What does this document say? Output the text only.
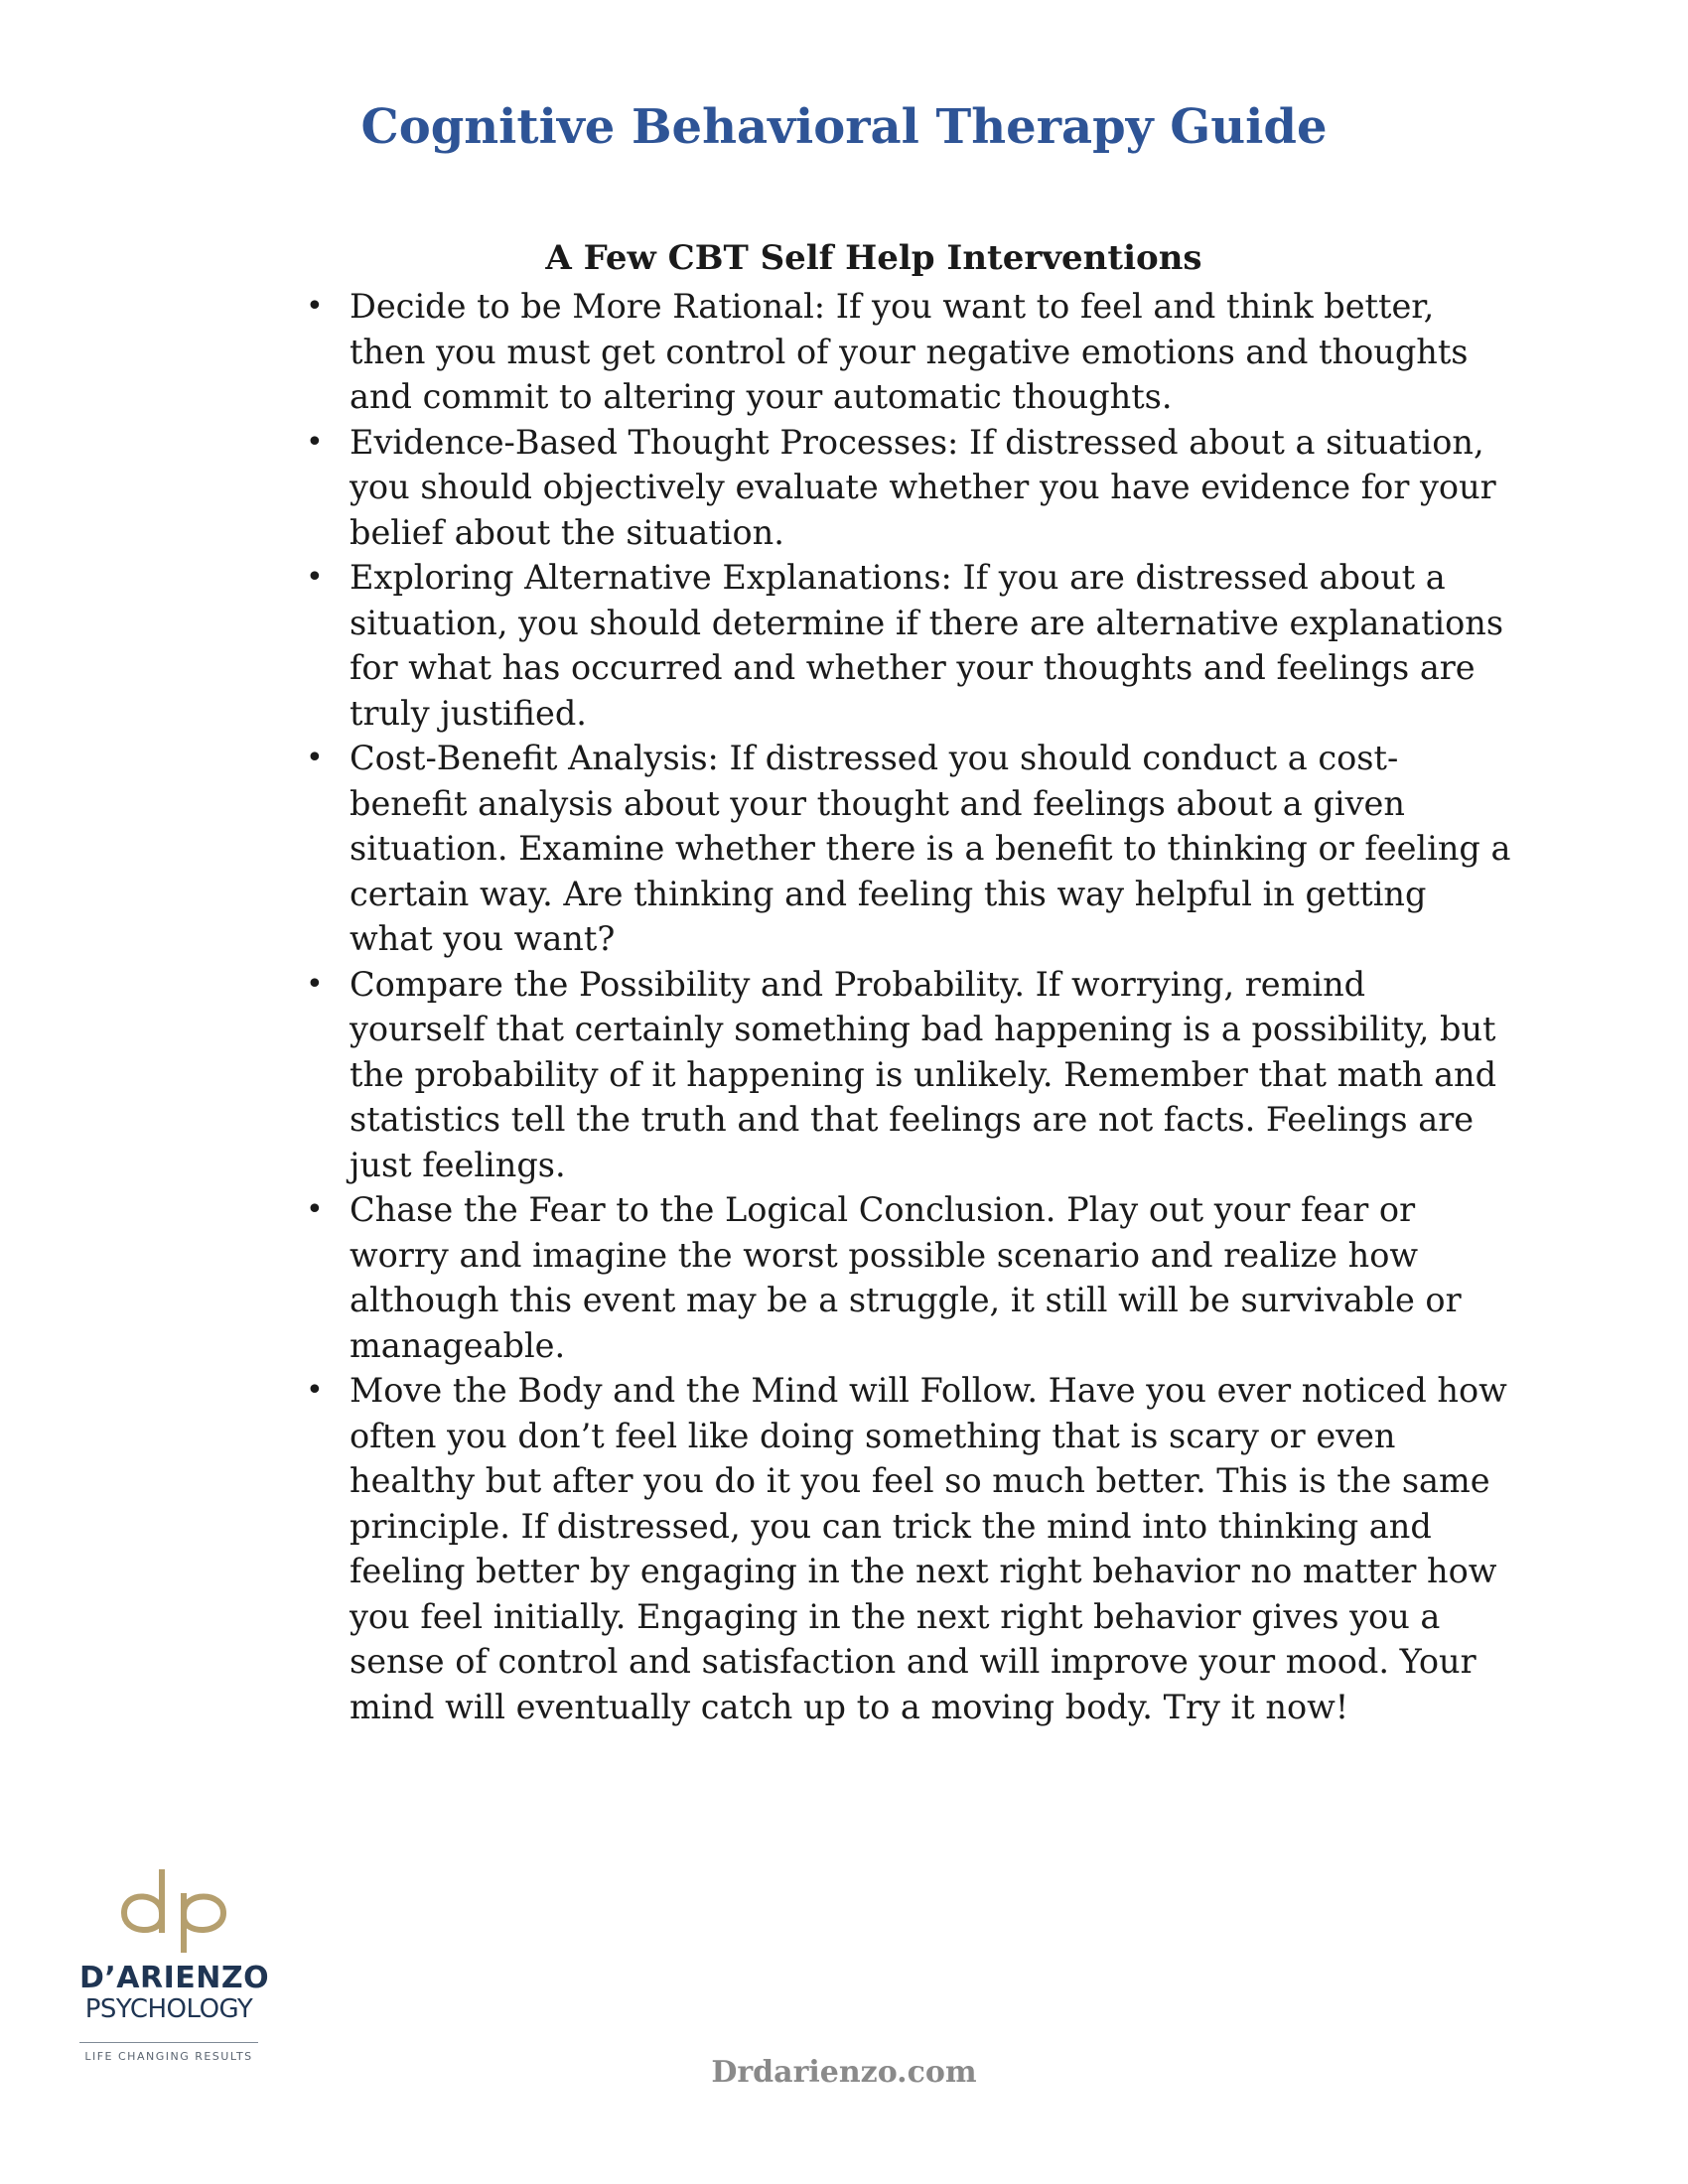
Cognitive Behavioral Therapy Guide
A Few CBT Self Help Interventions
• Decide to be More Rational: If you want to feel and think better, then you must get control of your negative emotions and thoughts and commit to altering your automatic thoughts.
• Evidence-Based Thought Processes: If distressed about a situation, you should objectively evaluate whether you have evidence for your belief about the situation.
• Exploring Alternative Explanations: If you are distressed about a situation, you should determine if there are alternative explanations for what has occurred and whether your thoughts and feelings are truly justified.
• Cost-Benefit Analysis: If distressed you should conduct a cost-benefit analysis about your thought and feelings about a given situation. Examine whether there is a benefit to thinking or feeling a certain way. Are thinking and feeling this way helpful in getting what you want?
• Compare the Possibility and Probability. If worrying, remind yourself that certainly something bad happening is a possibility, but the probability of it happening is unlikely. Remember that math and statistics tell the truth and that feelings are not facts. Feelings are just feelings.
• Chase the Fear to the Logical Conclusion. Play out your fear or worry and imagine the worst possible scenario and realize how although this event may be a struggle, it still will be survivable or manageable.
• Move the Body and the Mind will Follow. Have you ever noticed how often you don’t feel like doing something that is scary or even healthy but after you do it you feel so much better. This is the same principle. If distressed, you can trick the mind into thinking and feeling better by engaging in the next right behavior no matter how you feel initially. Engaging in the next right behavior gives you a sense of control and satisfaction and will improve your mood. Your mind will eventually catch up to a moving body. Try it now!
D’ARIENZO
PSYCHOLOGY
LIFE CHANGING RESULTS	Drdarienzo.com
